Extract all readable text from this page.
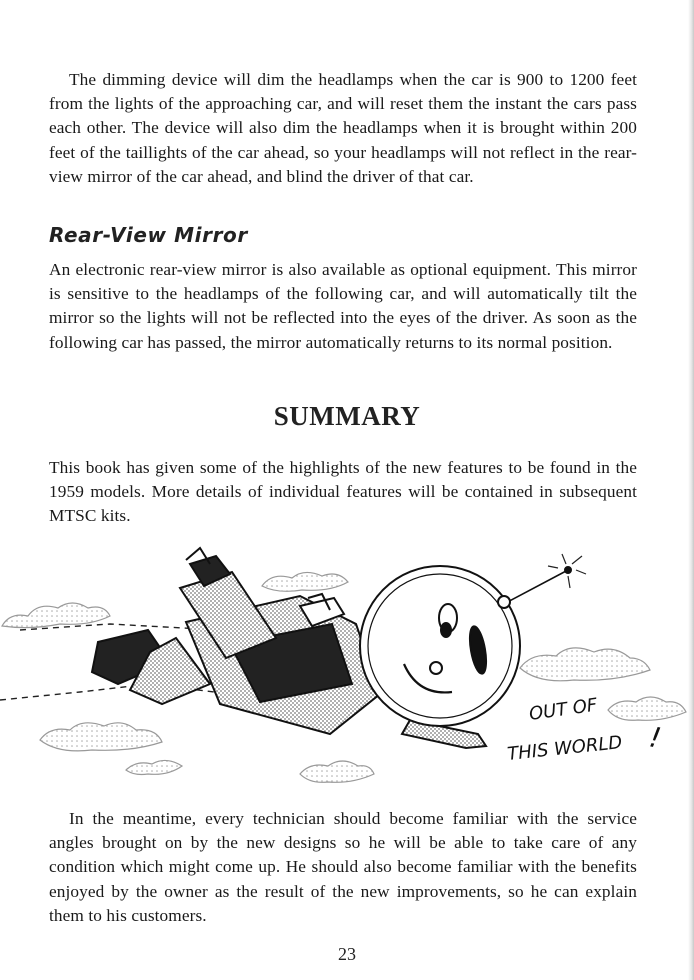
The dimming device will dim the headlamps when the car is 900 to 1200 feet from the lights of the approaching car, and will reset them the instant the cars pass each other. The device will also dim the headlamps when it is brought within 200 feet of the taillights of the car ahead, so your headlamps will not reflect in the rear-view mirror of the car ahead, and blind the driver of that car.

Rear-View Mirror

An electronic rear-view mirror is also available as optional equipment. This mirror is sensitive to the headlamps of the following car, and will automatically tilt the mirror so the lights will not be reflected into the eyes of the driver. As soon as the following car has passed, the mirror automatically returns to its normal position.

SUMMARY

This book has given some of the highlights of the new features to be found in the 1959 models. More details of individual features will be contained in subsequent MTSC kits.

OUT OF
THIS WORLD !

In the meantime, every technician should become familiar with the service angles brought on by the new designs so he will be able to take care of any condition which might come up. He should also become familiar with the benefits enjoyed by the owner as the result of the new improvements, so he can explain them to his customers.

23
